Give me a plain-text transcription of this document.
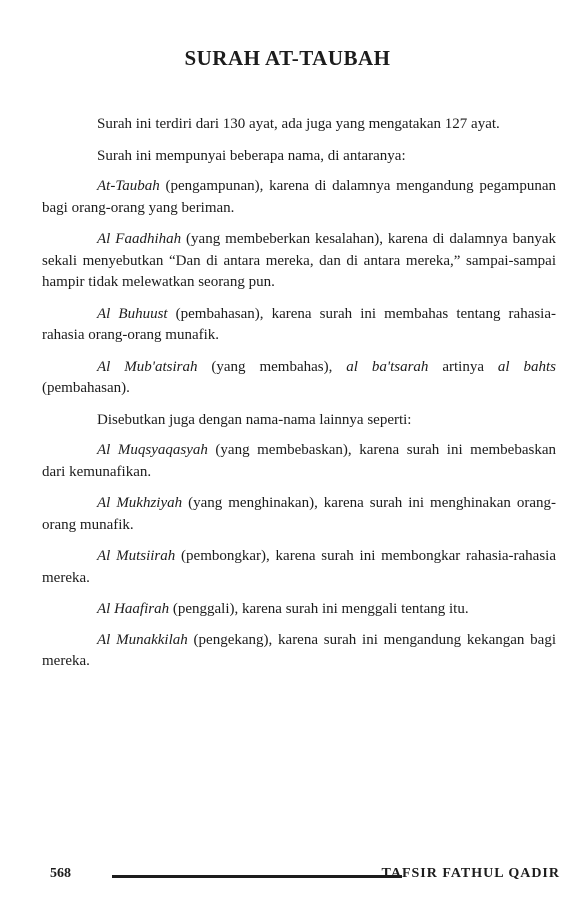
SURAH AT-TAUBAH

Surah ini terdiri dari 130 ayat, ada juga yang mengatakan 127 ayat.

Surah ini mempunyai beberapa nama, di antaranya:

At-Taubah (pengampunan), karena di dalamnya mengandung pegampunan bagi orang-orang yang beriman.

Al Faadhihah (yang membeberkan kesalahan), karena di dalamnya banyak sekali menyebutkan “Dan di antara mereka, dan di antara mereka,” sampai-sampai hampir tidak melewatkan seorang pun.

Al Buhuust (pembahasan), karena surah ini membahas tentang rahasia-rahasia orang-orang munafik.

Al Mub'atsirah (yang membahas), al ba'tsarah artinya al bahts (pembahasan).

Disebutkan juga dengan nama-nama lainnya seperti:

Al Muqsyaqasyah (yang membebaskan), karena surah ini membebaskan dari kemunafikan.

Al Mukhziyah (yang menghinakan), karena surah ini menghinakan orang-orang munafik.

Al Mutsiirah (pembongkar), karena surah ini membongkar rahasia-rahasia mereka.

Al Haafirah (penggali), karena surah ini menggali tentang itu.

Al Munakkilah (pengekang), karena surah ini mengandung kekangan bagi mereka.

568	TAFSIR FATHUL QADIR
